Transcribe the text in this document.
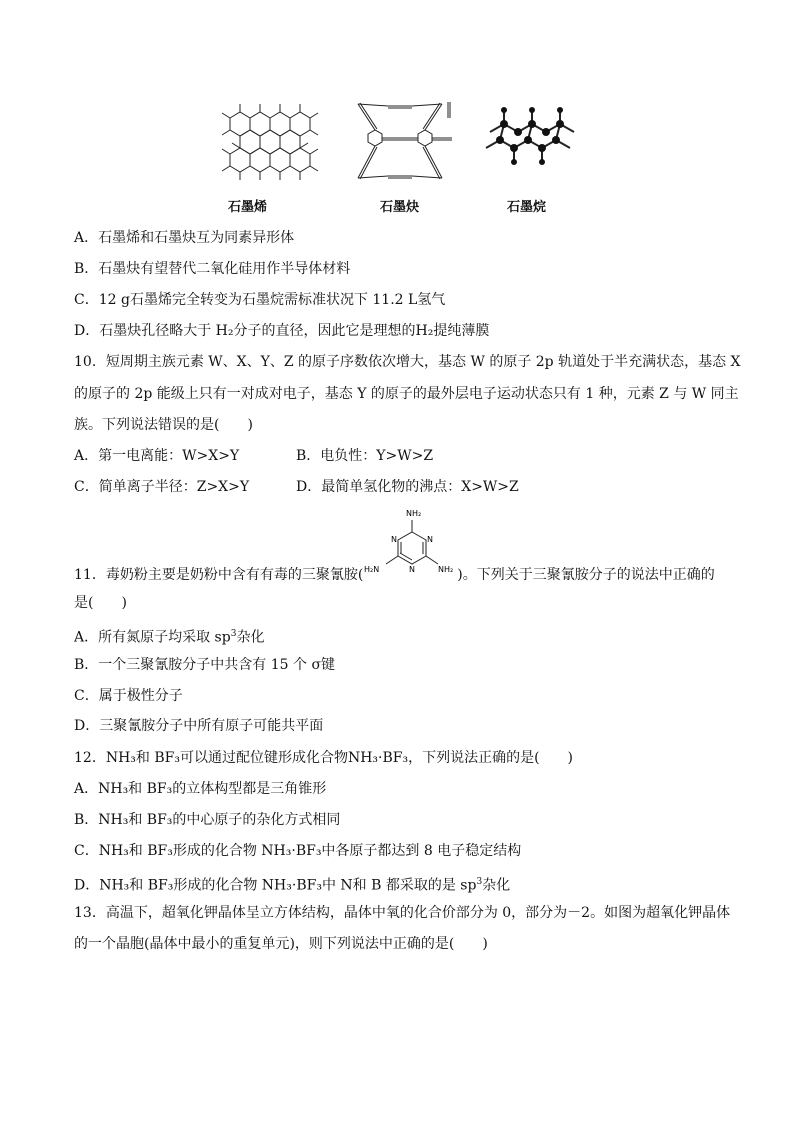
石墨烯	石墨炔	石墨烷
A．石墨烯和石墨炔互为同素异形体
B．石墨炔有望替代二氧化硅用作半导体材料
C．12 g石墨烯完全转变为石墨烷需标准状况下 11.2 L氢气
D．石墨炔孔径略大于 H₂分子的直径，因此它是理想的H₂提纯薄膜
10．短周期主族元素 W、X、Y、Z 的原子序数依次增大，基态 W 的原子 2p 轨道处于半充满状态，基态 X
的原子的 2p 能级上只有一对成对电子，基态 Y 的原子的最外层电子运动状态只有 1 种，元素 Z 与 W 同主
族。下列说法错误的是(　　)
A．第一电离能：W>X>Y	B．电负性：Y>W>Z
C．简单离子半径：Z>X>Y	D．最简单氢化物的沸点：X>W>Z
NH₂
H₂N	NH₂
N	N
N
11．毒奶粉主要是奶粉中含有有毒的三聚氰胺(	)。下列关于三聚氰胺分子的说法中正确的
是(　　)
A．所有氮原子均采取 $sp^3$杂化
B．一个三聚氰胺分子中共含有 15 个 σ键
C．属于极性分子
D．三聚氰胺分子中所有原子可能共平面
12．NH₃和 BF₃可以通过配位键形成化合物NH₃·BF₃，下列说法正确的是(　　)
A．NH₃和 BF₃的立体构型都是三角锥形
B．NH₃和 BF₃的中心原子的杂化方式相同
C．NH₃和 BF₃形成的化合物 NH₃·BF₃中各原子都达到 8 电子稳定结构
D．NH₃和 BF₃形成的化合物 NH₃·BF₃中 N和 B 都采取的是 $sp^3$杂化
13．高温下，超氧化钾晶体呈立方体结构，晶体中氧的化合价部分为 0，部分为－2。如图为超氧化钾晶体
的一个晶胞(晶体中最小的重复单元)，则下列说法中正确的是(　　)
